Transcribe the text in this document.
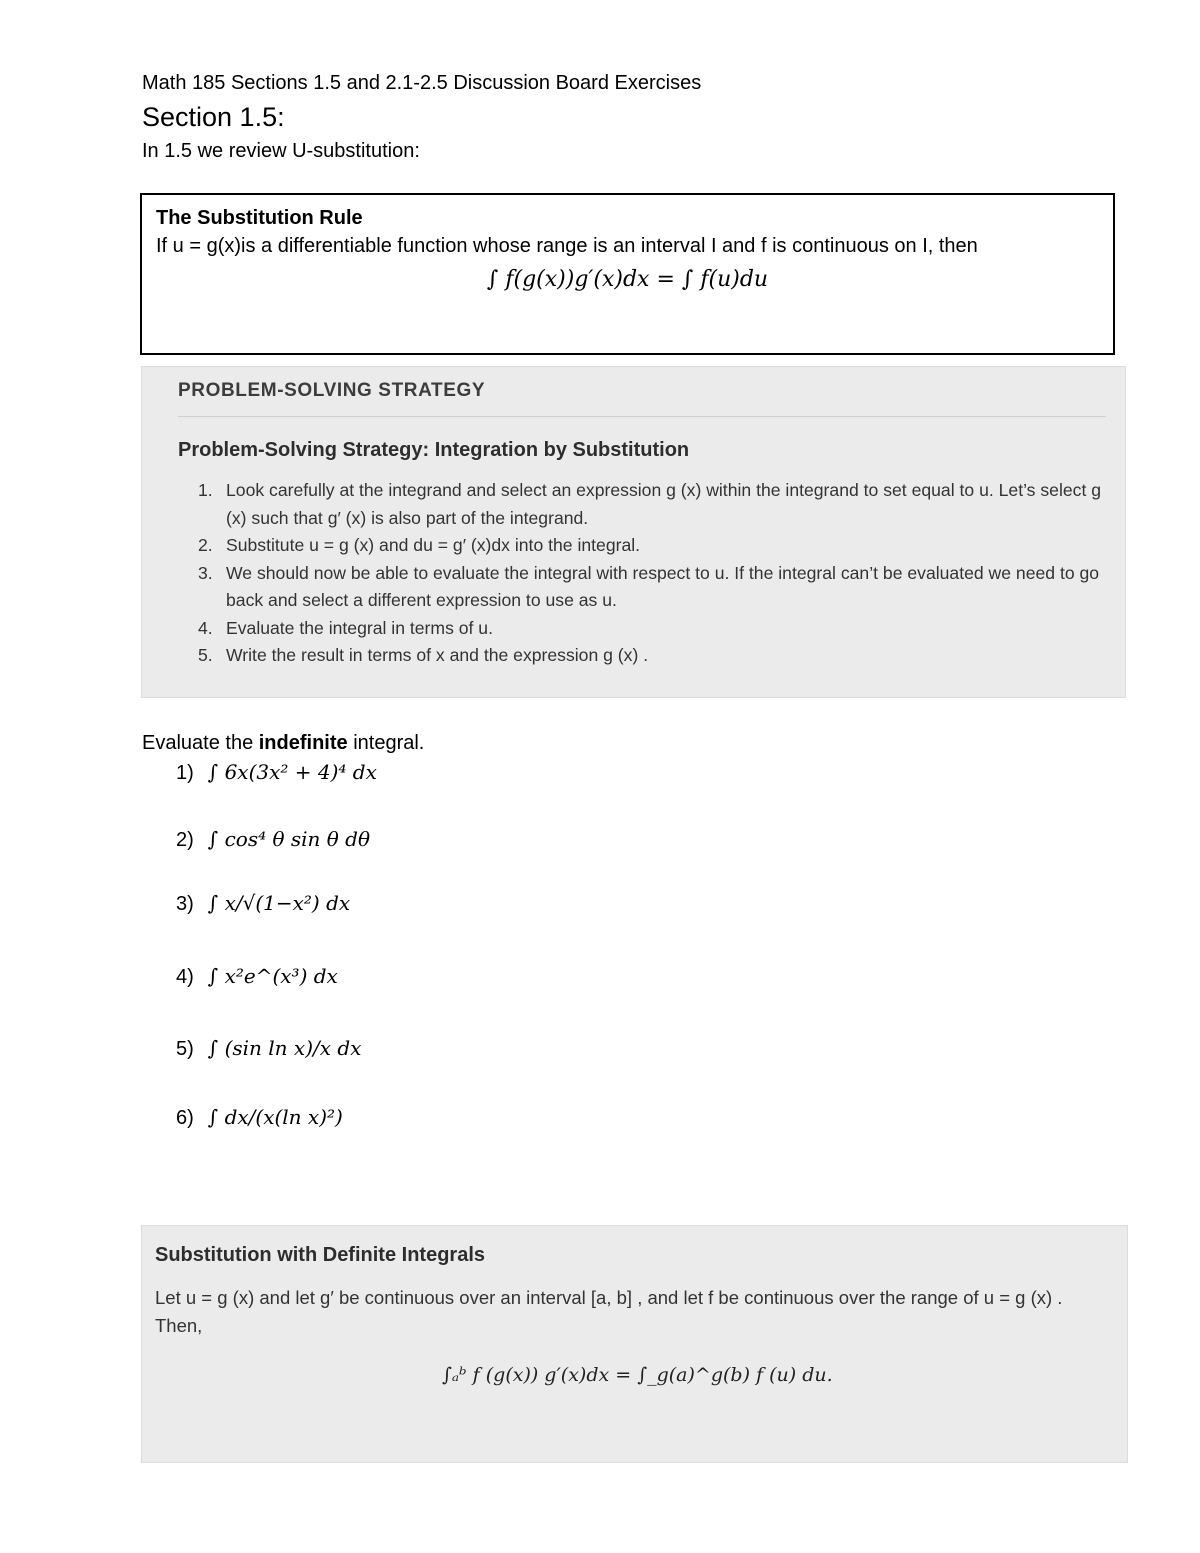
Math 185 Sections 1.5 and 2.1-2.5 Discussion Board Exercises
Section 1.5:
In 1.5 we review U-substitution:
The Substitution Rule
If u = g(x)is a differentiable function whose range is an interval I and f is continuous on I, then
∫ f(g(x))g′(x)dx = ∫ f(u)du
PROBLEM-SOLVING STRATEGY
Problem-Solving Strategy: Integration by Substitution
1. Look carefully at the integrand and select an expression g (x) within the integrand to set equal to u. Let’s select g (x) such that g′ (x) is also part of the integrand.
2. Substitute u = g (x) and du = g′ (x)dx into the integral.
3. We should now be able to evaluate the integral with respect to u. If the integral can’t be evaluated we need to go back and select a different expression to use as u.
4. Evaluate the integral in terms of u.
5. Write the result in terms of x and the expression g (x) .
Evaluate the indefinite integral.
1) ∫ 6x(3x² + 4)⁴ dx
2) ∫ cos⁴ θ sin θ dθ
3) ∫ x/√(1−x²) dx
4) ∫ x²e^(x³) dx
5) ∫ (sin ln x)/x dx
6) ∫ dx/(x(ln x)²)
Substitution with Definite Integrals
Let u = g (x) and let g′ be continuous over an interval [a, b] , and let f be continuous over the range of u = g (x) . Then,
∫ₐᵇ f (g(x)) g′(x)dx = ∫_g(a)^g(b) f (u) du.
